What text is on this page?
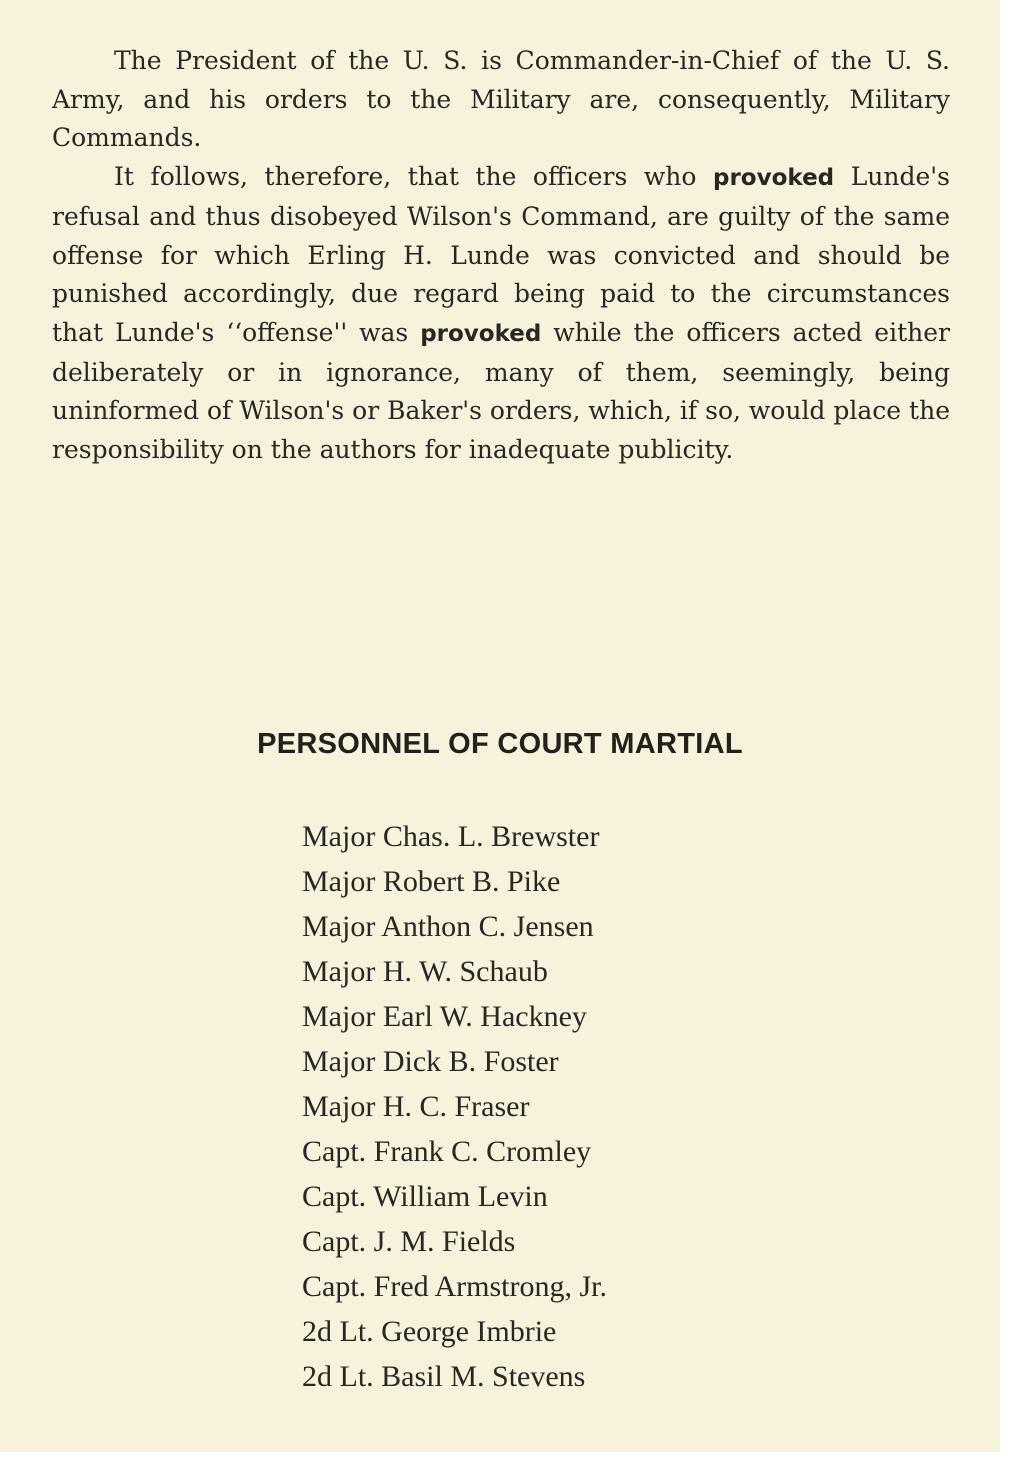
The President of the U. S. is Commander-in-Chief of the U. S. Army, and his orders to the Military are, consequently, Military Commands.

It follows, therefore, that the officers who provoked Lunde's refusal and thus disobeyed Wilson's Command, are guilty of the same offense for which Erling H. Lunde was convicted and should be punished accordingly, due regard being paid to the circumstances that Lunde's ‘‘offense'' was provoked while the officers acted either deliberately or in ignorance, many of them, seemingly, being uninformed of Wilson's or Baker's orders, which, if so, would place the responsibility on the authors for inadequate publicity.

PERSONNEL OF COURT MARTIAL
Major Chas. L. Brewster
Major Robert B. Pike
Major Anthon C. Jensen
Major H. W. Schaub
Major Earl W. Hackney
Major Dick B. Foster
Major H. C. Fraser
Capt. Frank C. Cromley
Capt. William Levin
Capt. J. M. Fields
Capt. Fred Armstrong, Jr.
2d Lt. George Imbrie
2d Lt. Basil M. Stevens
